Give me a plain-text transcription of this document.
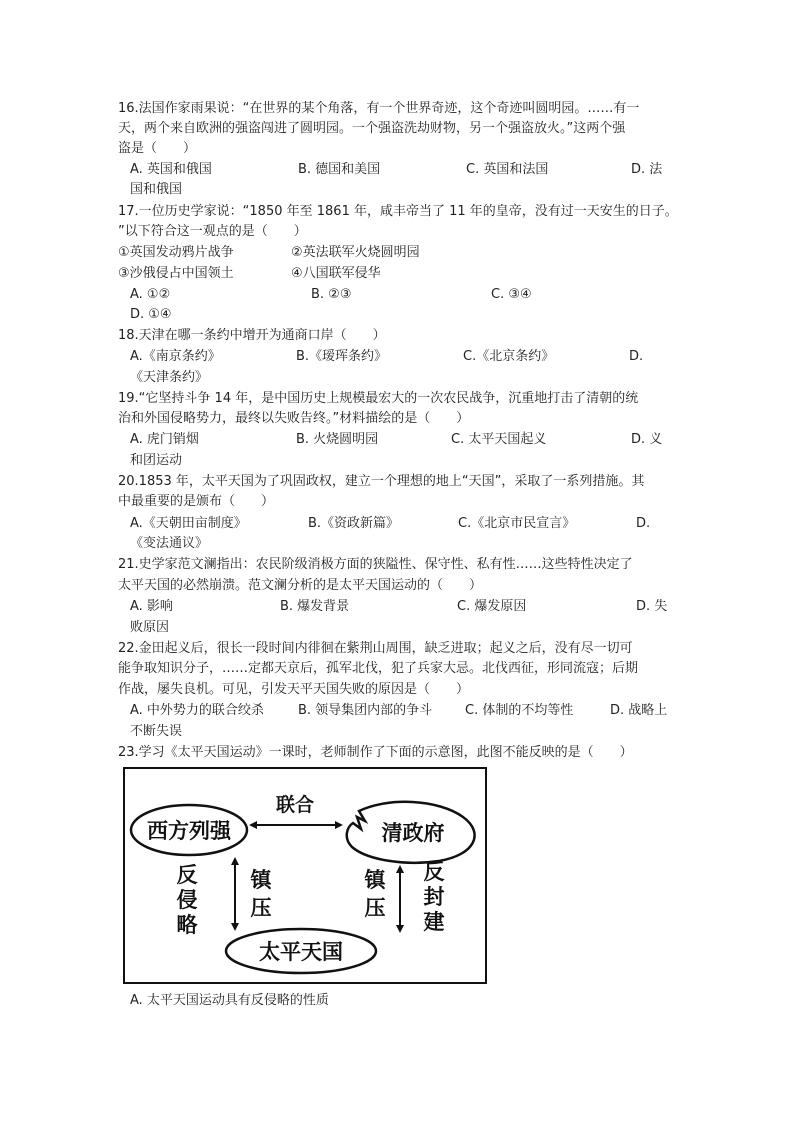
16.法国作家雨果说：“在世界的某个角落，有一个世界奇迹，这个奇迹叫圆明园。……有一
天，两个来自欧洲的强盗闯进了圆明园。一个强盗洗劫财物，另一个强盗放火。”这两个强
盗是（　　）
A. 英国和俄国	B. 德国和美国	C. 英国和法国	D. 法
国和俄国
17.一位历史学家说：“1850 年至 1861 年，咸丰帝当了 11 年的皇帝，没有过一天安生的日子。
”以下符合这一观点的是（　　）
①英国发动鸦片战争	②英法联军火烧圆明园
③沙俄侵占中国领土	④八国联军侵华
A. ①②	B. ②③	C. ③④
D. ①④
18.天津在哪一条约中增开为通商口岸（　　）
A.《南京条约》	B.《瑷珲条约》	C.《北京条约》	D.
《天津条约》
19.“它坚持斗争 14 年，是中国历史上规模最宏大的一次农民战争，沉重地打击了清朝的统
治和外国侵略势力，最终以失败告终。”材料描绘的是（　　）
A. 虎门销烟	B. 火烧圆明园	C. 太平天国起义	D. 义
和团运动
20.1853 年，太平天国为了巩固政权，建立一个理想的地上“天国”，采取了一系列措施。其
中最重要的是颁布（　　）
A.《天朝田亩制度》	B.《资政新篇》	C.《北京市民宣言》	D.
《变法通议》
21.史学家范文澜指出：农民阶级消极方面的狭隘性、保守性、私有性……这些特性决定了
太平天国的必然崩溃。范文澜分析的是太平天国运动的（　　）
A. 影响	B. 爆发背景	C. 爆发原因	D. 失
败原因
22.金田起义后，很长一段时间内徘徊在紫荆山周围，缺乏进取；起义之后，没有尽一切可
能争取知识分子，……定都天京后，孤军北伐，犯了兵家大忌。北伐西征，形同流寇；后期
作战，屡失良机。可见，引发天平天国失败的原因是（　　）
A. 中外势力的联合绞杀	B. 领导集团内部的争斗	C. 体制的不均等性	D. 战略上
不断失误
23.学习《太平天国运动》一课时，老师制作了下面的示意图，此图不能反映的是（　　）
西方列强	清政府
联合
太平天国
反
侵
略
镇
压
镇
压
反
封
建
A. 太平天国运动具有反侵略的性质
